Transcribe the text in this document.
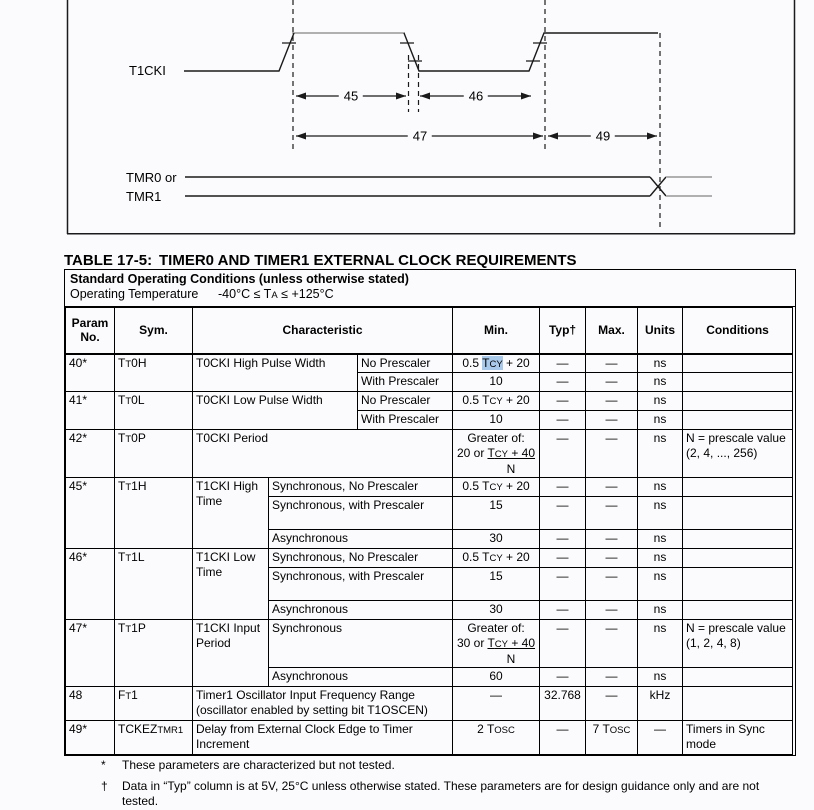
T1CKI
TMR0 or
TMR1
45	46
47	49
TABLE 17-5: TIMER0 AND TIMER1 EXTERNAL CLOCK REQUIREMENTS
Standard Operating Conditions (unless otherwise stated)
Operating Temperature -40°C ≤ TA ≤ +125°C
Param
No.	Sym.	Characteristic			Min.	Typ†	Max.	Units	Conditions
40*	TT0H	T0CKI High Pulse Width		No Prescaler	0.5 TCY + 20	—	—	ns	
				With Prescaler	10	—	—	ns	
41*	TT0L	T0CKI Low Pulse Width		No Prescaler	0.5 TCY + 20	—	—	ns	
				With Prescaler	10	—	—	ns	
42*	TT0P	T0CKI Period			Greater of:
20 or TCY + 40
N	—	—	ns	N = prescale value (2, 4, ..., 256)
45*	TT1H	T1CKI High Time	Synchronous, No Prescaler		0.5 TCY + 20	—	—	ns	
			Synchronous, with Prescaler		15	—	—	ns	
			Asynchronous		30	—	—	ns	
46*	TT1L	T1CKI Low Time	Synchronous, No Prescaler		0.5 TCY + 20	—	—	ns	
			Synchronous, with Prescaler		15	—	—	ns	
			Asynchronous		30	—	—	ns	
47*	TT1P	T1CKI Input Period	Synchronous		Greater of:
30 or TCY + 40
N	—	—	ns	N = prescale value (1, 2, 4, 8)
			Asynchronous		60	—	—	ns	
48	FT1	Timer1 Oscillator Input Frequency Range (oscillator enabled by setting bit T1OSCEN)			—	32.768	—	kHz	
49*	TCKEZTMR1	Delay from External Clock Edge to Timer Increment			2 TOSC	—	7 TOSC	—	Timers in Sync mode
*	These parameters are characterized but not tested.
†	Data in “Typ” column is at 5V, 25°C unless otherwise stated. These parameters are for design guidance only and are not tested.
